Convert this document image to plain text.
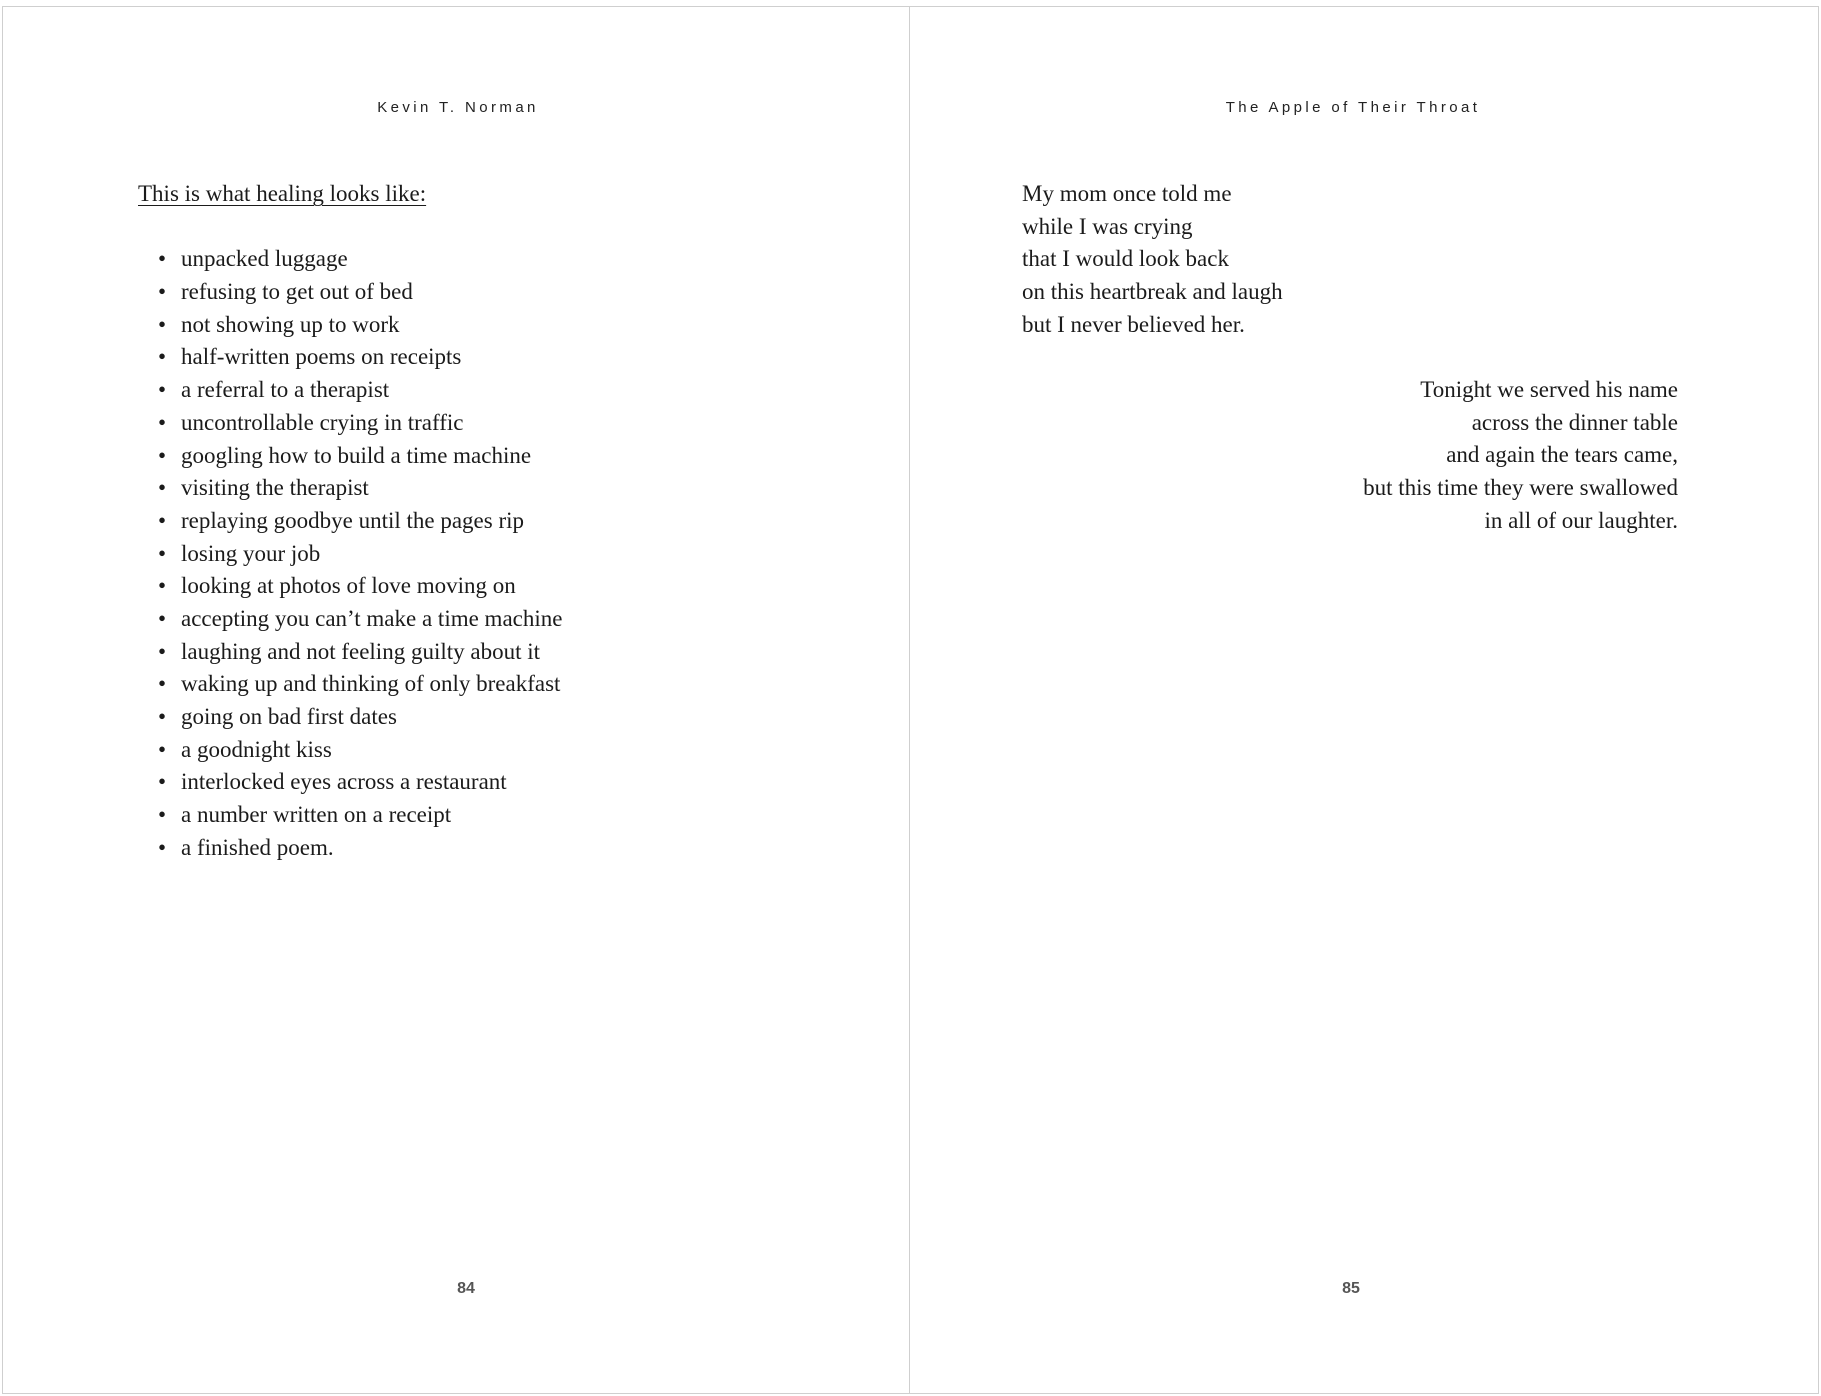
Kevin T. Norman

This is what healing looks like:

• unpacked luggage
• refusing to get out of bed
• not showing up to work
• half-written poems on receipts
• a referral to a therapist
• uncontrollable crying in traffic
• googling how to build a time machine
• visiting the therapist
• replaying goodbye until the pages rip
• losing your job
• looking at photos of love moving on
• accepting you can’t make a time machine
• laughing and not feeling guilty about it
• waking up and thinking of only breakfast
• going on bad first dates
• a goodnight kiss
• interlocked eyes across a restaurant
• a number written on a receipt
• a finished poem.
84
The Apple of Their Throat
My mom once told me
while I was crying
that I would look back
on this heartbreak and laugh
but I never believed her.
Tonight we served his name
across the dinner table
and again the tears came,
but this time they were swallowed
in all of our laughter.
85
